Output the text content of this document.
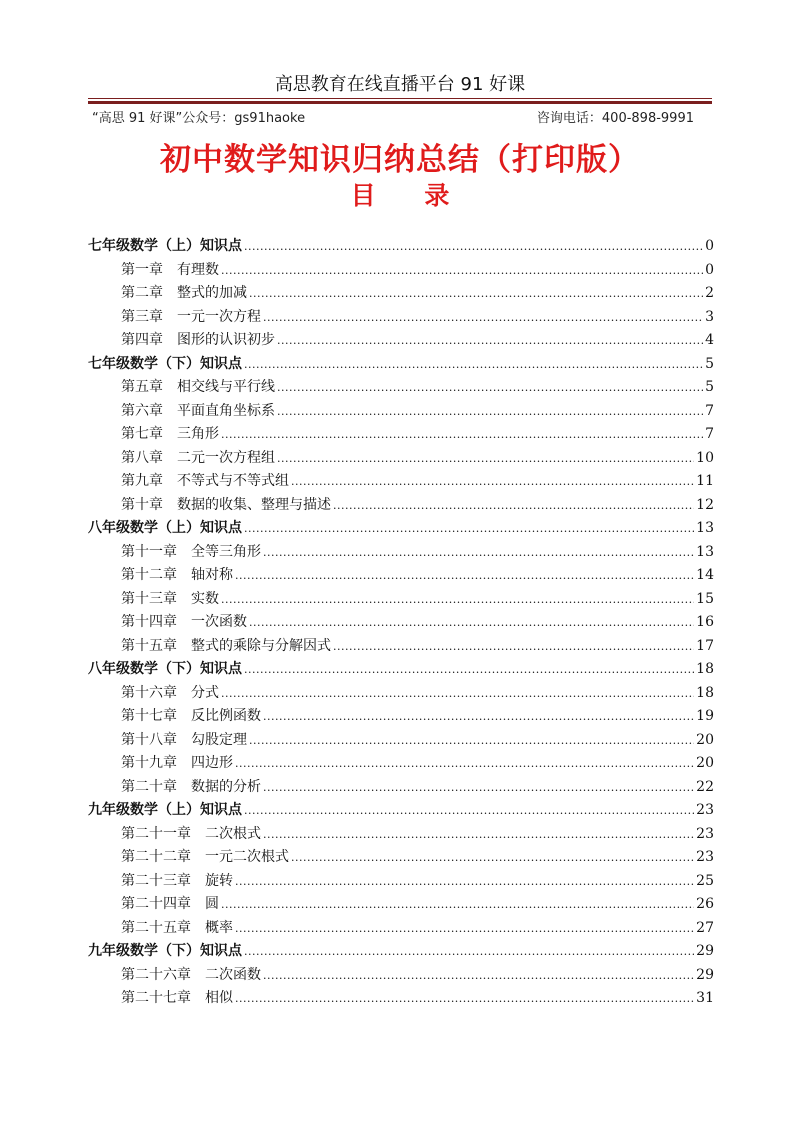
高思教育在线直播平台 91 好课
“高思 91 好课”公众号：gs91haoke	咨询电话：400-898-9991
初中数学知识归纳总结（打印版）
目 录
七年级数学（上）知识点 .....	0
第一章 有理数 .....	0
第二章 整式的加减 .....	2
第三章 一元一次方程 .....	3
第四章 图形的认识初步 .....	4
七年级数学（下）知识点 .....	5
第五章 相交线与平行线 .....	5
第六章 平面直角坐标系 .....	7
第七章 三角形 .....	7
第八章 二元一次方程组 .....	10
第九章 不等式与不等式组 .....	11
第十章 数据的收集、整理与描述 .....	12
八年级数学（上）知识点 .....	13
第十一章 全等三角形 .....	13
第十二章 轴对称 .....	14
第十三章 实数 .....	15
第十四章 一次函数 .....	16
第十五章 整式的乘除与分解因式 .....	17
八年级数学（下）知识点 .....	18
第十六章 分式 .....	18
第十七章 反比例函数 .....	19
第十八章 勾股定理 .....	20
第十九章 四边形 .....	20
第二十章 数据的分析 .....	22
九年级数学（上）知识点 .....	23
第二十一章 二次根式 .....	23
第二十二章 一元二次根式 .....	23
第二十三章 旋转 .....	25
第二十四章 圆 .....	26
第二十五章 概率 .....	27
九年级数学（下）知识点 .....	29
第二十六章 二次函数 .....	29
第二十七章 相似 .....	31
